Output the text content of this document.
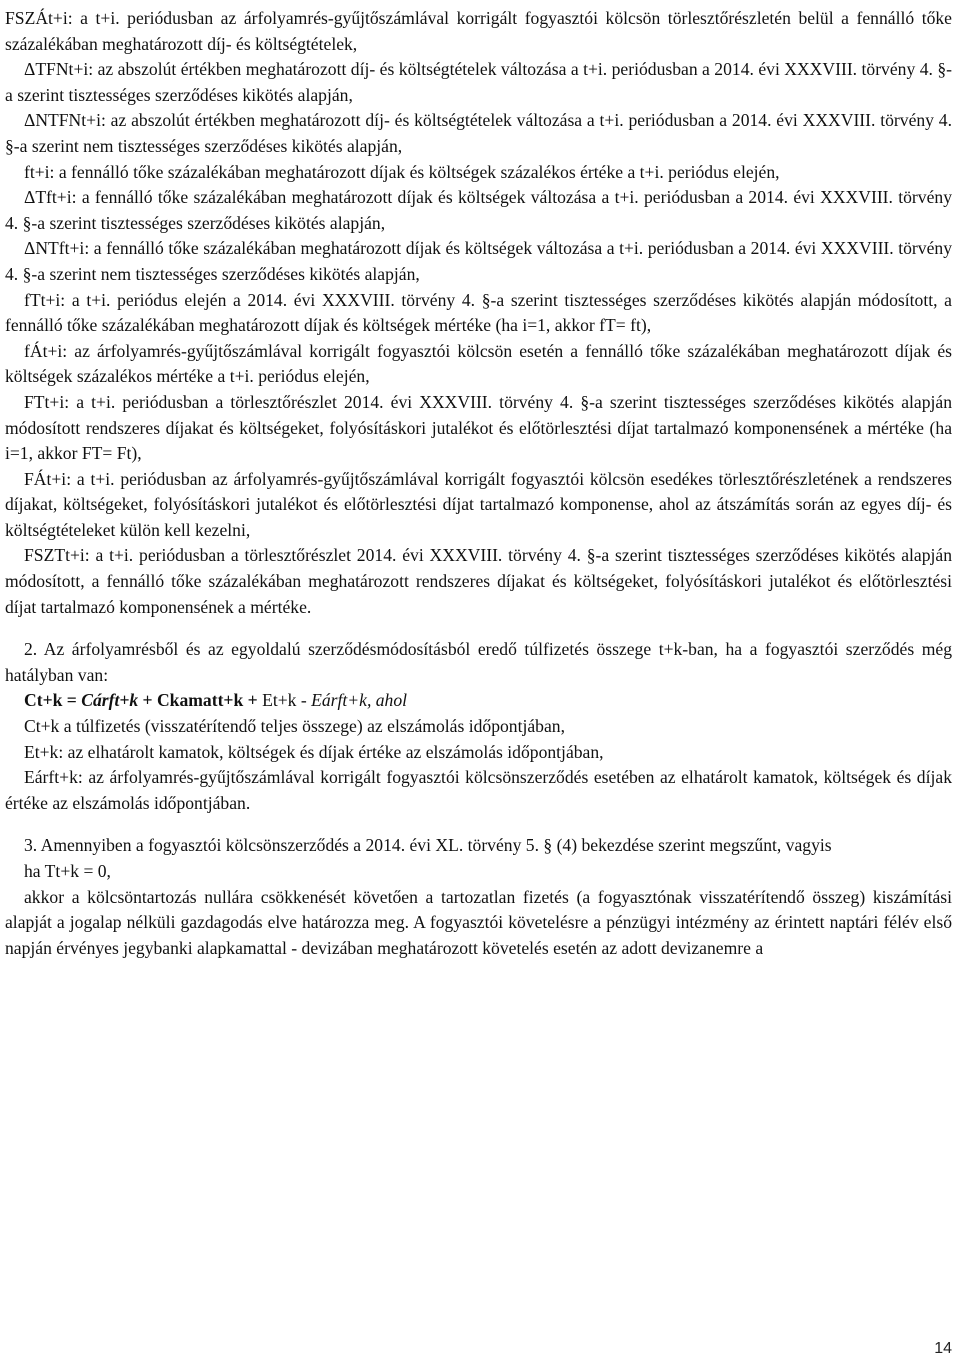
FSZÁt+i: a t+i. periódusban az árfolyamrés-gyűjtőszámlával korrigált fogyasztói kölcsön törlesztőrészletén belül a fennálló tőke százalékában meghatározott díj- és költségtételek,

ΔTFNt+i: az abszolút értékben meghatározott díj- és költségtételek változása a t+i. periódusban a 2014. évi XXXVIII. törvény 4. §-a szerint tisztességes szerződéses kikötés alapján,

ΔNTFNt+i: az abszolút értékben meghatározott díj- és költségtételek változása a t+i. periódusban a 2014. évi XXXVIII. törvény 4. §-a szerint nem tisztességes szerződéses kikötés alapján,

ft+i: a fennálló tőke százalékában meghatározott díjak és költségek százalékos értéke a t+i. periódus elején,

ΔTft+i: a fennálló tőke százalékában meghatározott díjak és költségek változása a t+i. periódusban a 2014. évi XXXVIII. törvény 4. §-a szerint tisztességes szerződéses kikötés alapján,

ΔNTft+i: a fennálló tőke százalékában meghatározott díjak és költségek változása a t+i. periódusban a 2014. évi XXXVIII. törvény 4. §-a szerint nem tisztességes szerződéses kikötés alapján,

fTt+i: a t+i. periódus elején a 2014. évi XXXVIII. törvény 4. §-a szerint tisztességes szerződéses kikötés alapján módosított, a fennálló tőke százalékában meghatározott díjak és költségek mértéke (ha i=1, akkor fT= ft),

fÁt+i: az árfolyamrés-gyűjtőszámlával korrigált fogyasztói kölcsön esetén a fennálló tőke százalékában meghatározott díjak és költségek százalékos mértéke a t+i. periódus elején,

FTt+i: a t+i. periódusban a törlesztőrészlet 2014. évi XXXVIII. törvény 4. §-a szerint tisztességes szerződéses kikötés alapján módosított rendszeres díjakat és költségeket, folyósításkori jutalékot és előtörlesztési díjat tartalmazó komponensének a mértéke (ha i=1, akkor FT= Ft),

FÁt+i: a t+i. periódusban az árfolyamrés-gyűjtőszámlával korrigált fogyasztói kölcsön esedékes törlesztőrészletének a rendszeres díjakat, költségeket, folyósításkori jutalékot és előtörlesztési díjat tartalmazó komponense, ahol az átszámítás során az egyes díj- és költségtételeket külön kell kezelni,

FSZTt+i: a t+i. periódusban a törlesztőrészlet 2014. évi XXXVIII. törvény 4. §-a szerint tisztességes szerződéses kikötés alapján módosított, a fennálló tőke százalékában meghatározott rendszeres díjakat és költségeket, folyósításkori jutalékot és előtörlesztési díjat tartalmazó komponensének a mértéke.

2. Az árfolyamrésből és az egyoldalú szerződésmódosításból eredő túlfizetés összege t+k-ban, ha a fogyasztói szerződés még hatályban van:

Ct+k = Cárft+k + Ckamatt+k + Et+k - Eárft+k, ahol

Ct+k a túlfizetés (visszatérítendő teljes összege) az elszámolás időpontjában,

Et+k: az elhatárolt kamatok, költségek és díjak értéke az elszámolás időpontjában,

Eárft+k: az árfolyamrés-gyűjtőszámlával korrigált fogyasztói kölcsönszerződés esetében az elhatárolt kamatok, költségek és díjak értéke az elszámolás időpontjában.

3. Amennyiben a fogyasztói kölcsönszerződés a 2014. évi XL. törvény 5. § (4) bekezdése szerint megszűnt, vagyis

ha Tt+k = 0,

akkor a kölcsöntartozás nullára csökkenését követően a tartozatlan fizetés (a fogyasztónak visszatérítendő összeg) kiszámítási alapját a jogalap nélküli gazdagodás elve határozza meg. A fogyasztói követelésre a pénzügyi intézmény az érintett naptári félév első napján érvényes jegybanki alapkamattal - devizában meghatározott követelés esetén az adott devizanemre a

14
